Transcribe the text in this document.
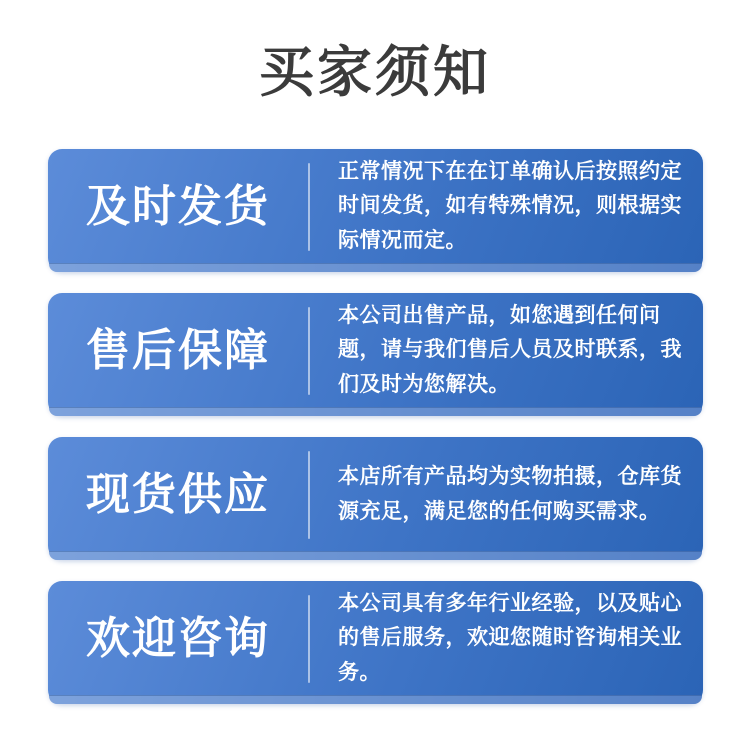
买家须知
及时发货
正常情况下在在订单确认后按照约定时间发货，如有特殊情况，则根据实际情况而定。
售后保障
本公司出售产品，如您遇到任何问题，请与我们售后人员及时联系，我们及时为您解决。
现货供应	本店所有产品均为实物拍摄，仓库货源充足，满足您的任何购买需求。
欢迎咨询
本公司具有多年行业经验，以及贴心的售后服务，欢迎您随时咨询相关业务。
